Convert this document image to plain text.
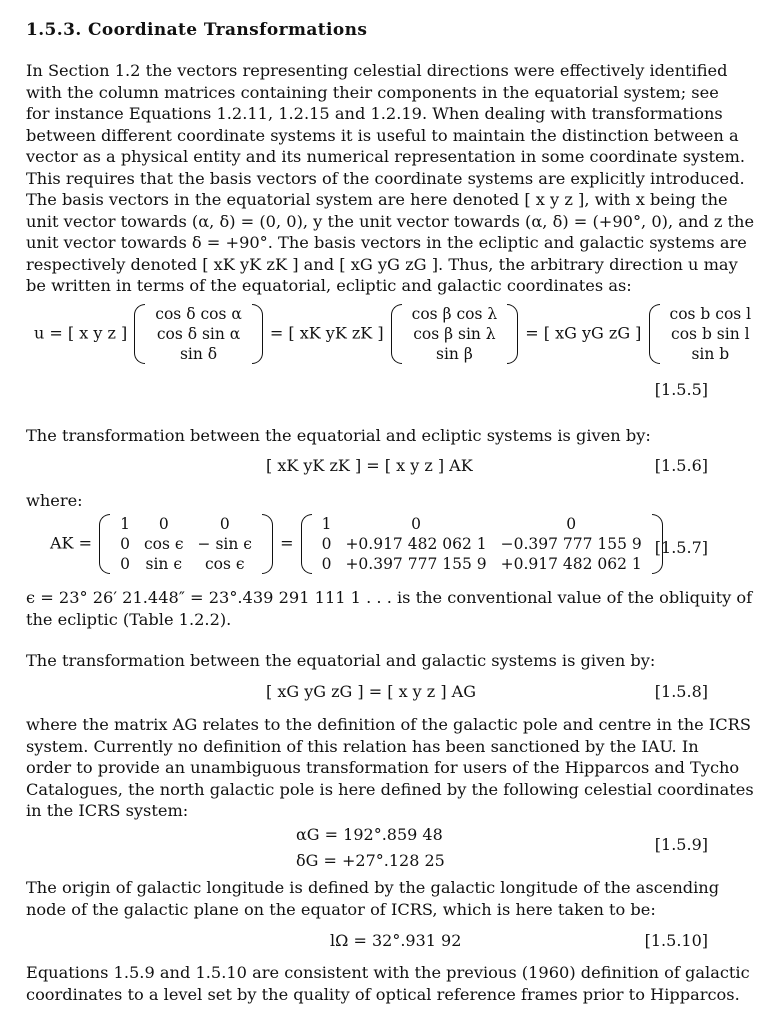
1.5.3. Coordinate Transformations
In Section 1.2 the vectors representing celestial directions were effectively identified
with the column matrices containing their components in the equatorial system; see
for instance Equations 1.2.11, 1.2.15 and 1.2.19. When dealing with transformations
between different coordinate systems it is useful to maintain the distinction between a
vector as a physical entity and its numerical representation in some coordinate system.
This requires that the basis vectors of the coordinate systems are explicitly introduced.
The basis vectors in the equatorial system are here denoted [ x y z ], with x being the
unit vector towards (α, δ) = (0, 0), y the unit vector towards (α, δ) = (+90°, 0), and z the
unit vector towards δ = +90°. The basis vectors in the ecliptic and galactic systems are
respectively denoted [ xK yK zK ] and [ xG yG zG ]. Thus, the arbitrary direction u may
be written in terms of the equatorial, ecliptic and galactic coordinates as:
u = [ x y z ]
cos δ cos α
cos δ sin α
sin δ
= [ xK yK zK ]
cos β cos λ
cos β sin λ
sin β
= [ xG yG zG ]
cos b cos l
cos b sin l
sin b
[1.5.5]
The transformation between the equatorial and ecliptic systems is given by:
[ xK yK zK ] = [ x y z ] AK	[1.5.6]
where:
AK =
1	0	0
0	cos ϵ	− sin ϵ
0	sin ϵ	cos ϵ
=
1	0	0
0	+0.917 482 062 1	−0.397 777 155 9
0	+0.397 777 155 9	+0.917 482 062 1
[1.5.7]
ϵ = 23° 26′ 21.448″ = 23°.439 291 111 1 . . . is the conventional value of the obliquity of
the ecliptic (Table 1.2.2).
The transformation between the equatorial and galactic systems is given by:
[ xG yG zG ] = [ x y z ] AG	[1.5.8]
where the matrix AG relates to the definition of the galactic pole and centre in the ICRS
system. Currently no definition of this relation has been sanctioned by the IAU. In
order to provide an unambiguous transformation for users of the Hipparcos and Tycho
Catalogues, the north galactic pole is here defined by the following celestial coordinates
in the ICRS system:
αG = 192°.859 48
δG = +27°.128 25
[1.5.9]
The origin of galactic longitude is defined by the galactic longitude of the ascending
node of the galactic plane on the equator of ICRS, which is here taken to be:
lΩ = 32°.931 92	[1.5.10]
Equations 1.5.9 and 1.5.10 are consistent with the previous (1960) definition of galactic
coordinates to a level set by the quality of optical reference frames prior to Hipparcos.
